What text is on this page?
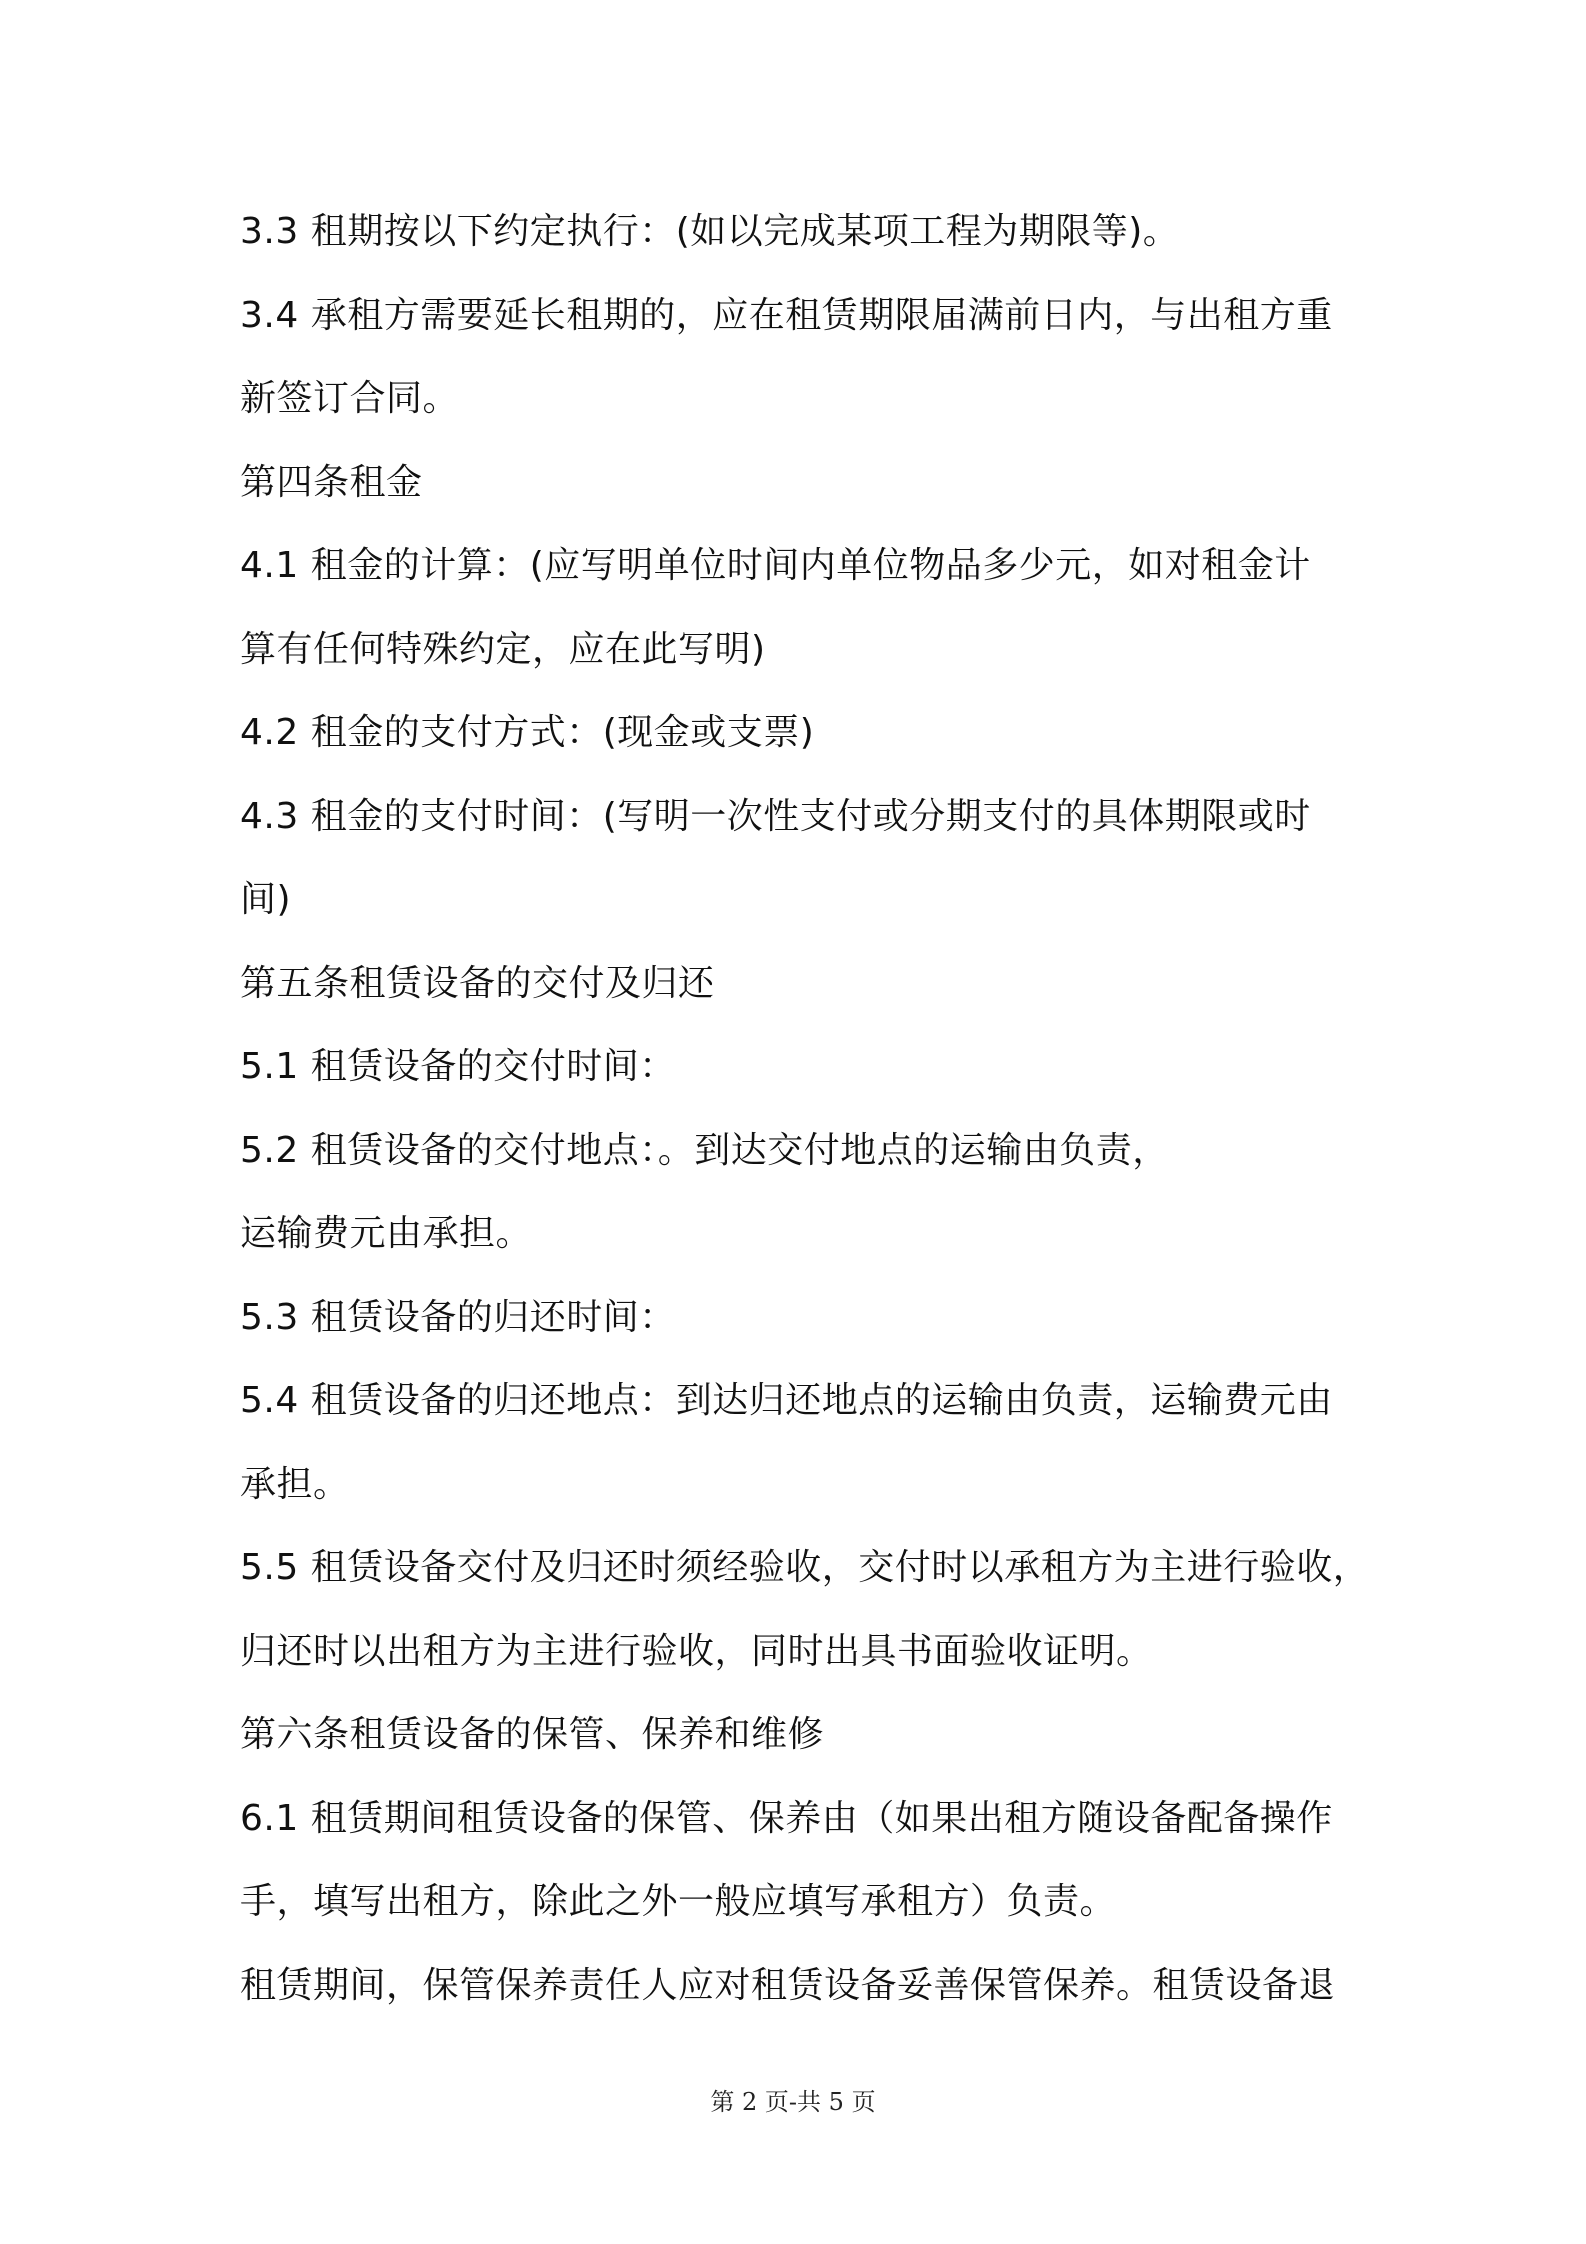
3.3 租期按以下约定执行：(如以完成某项工程为期限等)。
3.4 承租方需要延长租期的，应在租赁期限届满前日内，与出租方重
新签订合同。
第四条租金
4.1 租金的计算：(应写明单位时间内单位物品多少元，如对租金计
算有任何特殊约定，应在此写明)
4.2 租金的支付方式：(现金或支票)
4.3 租金的支付时间：(写明一次性支付或分期支付的具体期限或时
间)
第五条租赁设备的交付及归还
5.1 租赁设备的交付时间：
5.2 租赁设备的交付地点：。到达交付地点的运输由负责，
运输费元由承担。
5.3 租赁设备的归还时间：
5.4 租赁设备的归还地点：到达归还地点的运输由负责，运输费元由
承担。
5.5 租赁设备交付及归还时须经验收，交付时以承租方为主进行验收，
归还时以出租方为主进行验收，同时出具书面验收证明。
第六条租赁设备的保管、保养和维修
6.1 租赁期间租赁设备的保管、保养由（如果出租方随设备配备操作
手，填写出租方，除此之外一般应填写承租方）负责。
租赁期间，保管保养责任人应对租赁设备妥善保管保养。租赁设备退
第 2 页-共 5 页
